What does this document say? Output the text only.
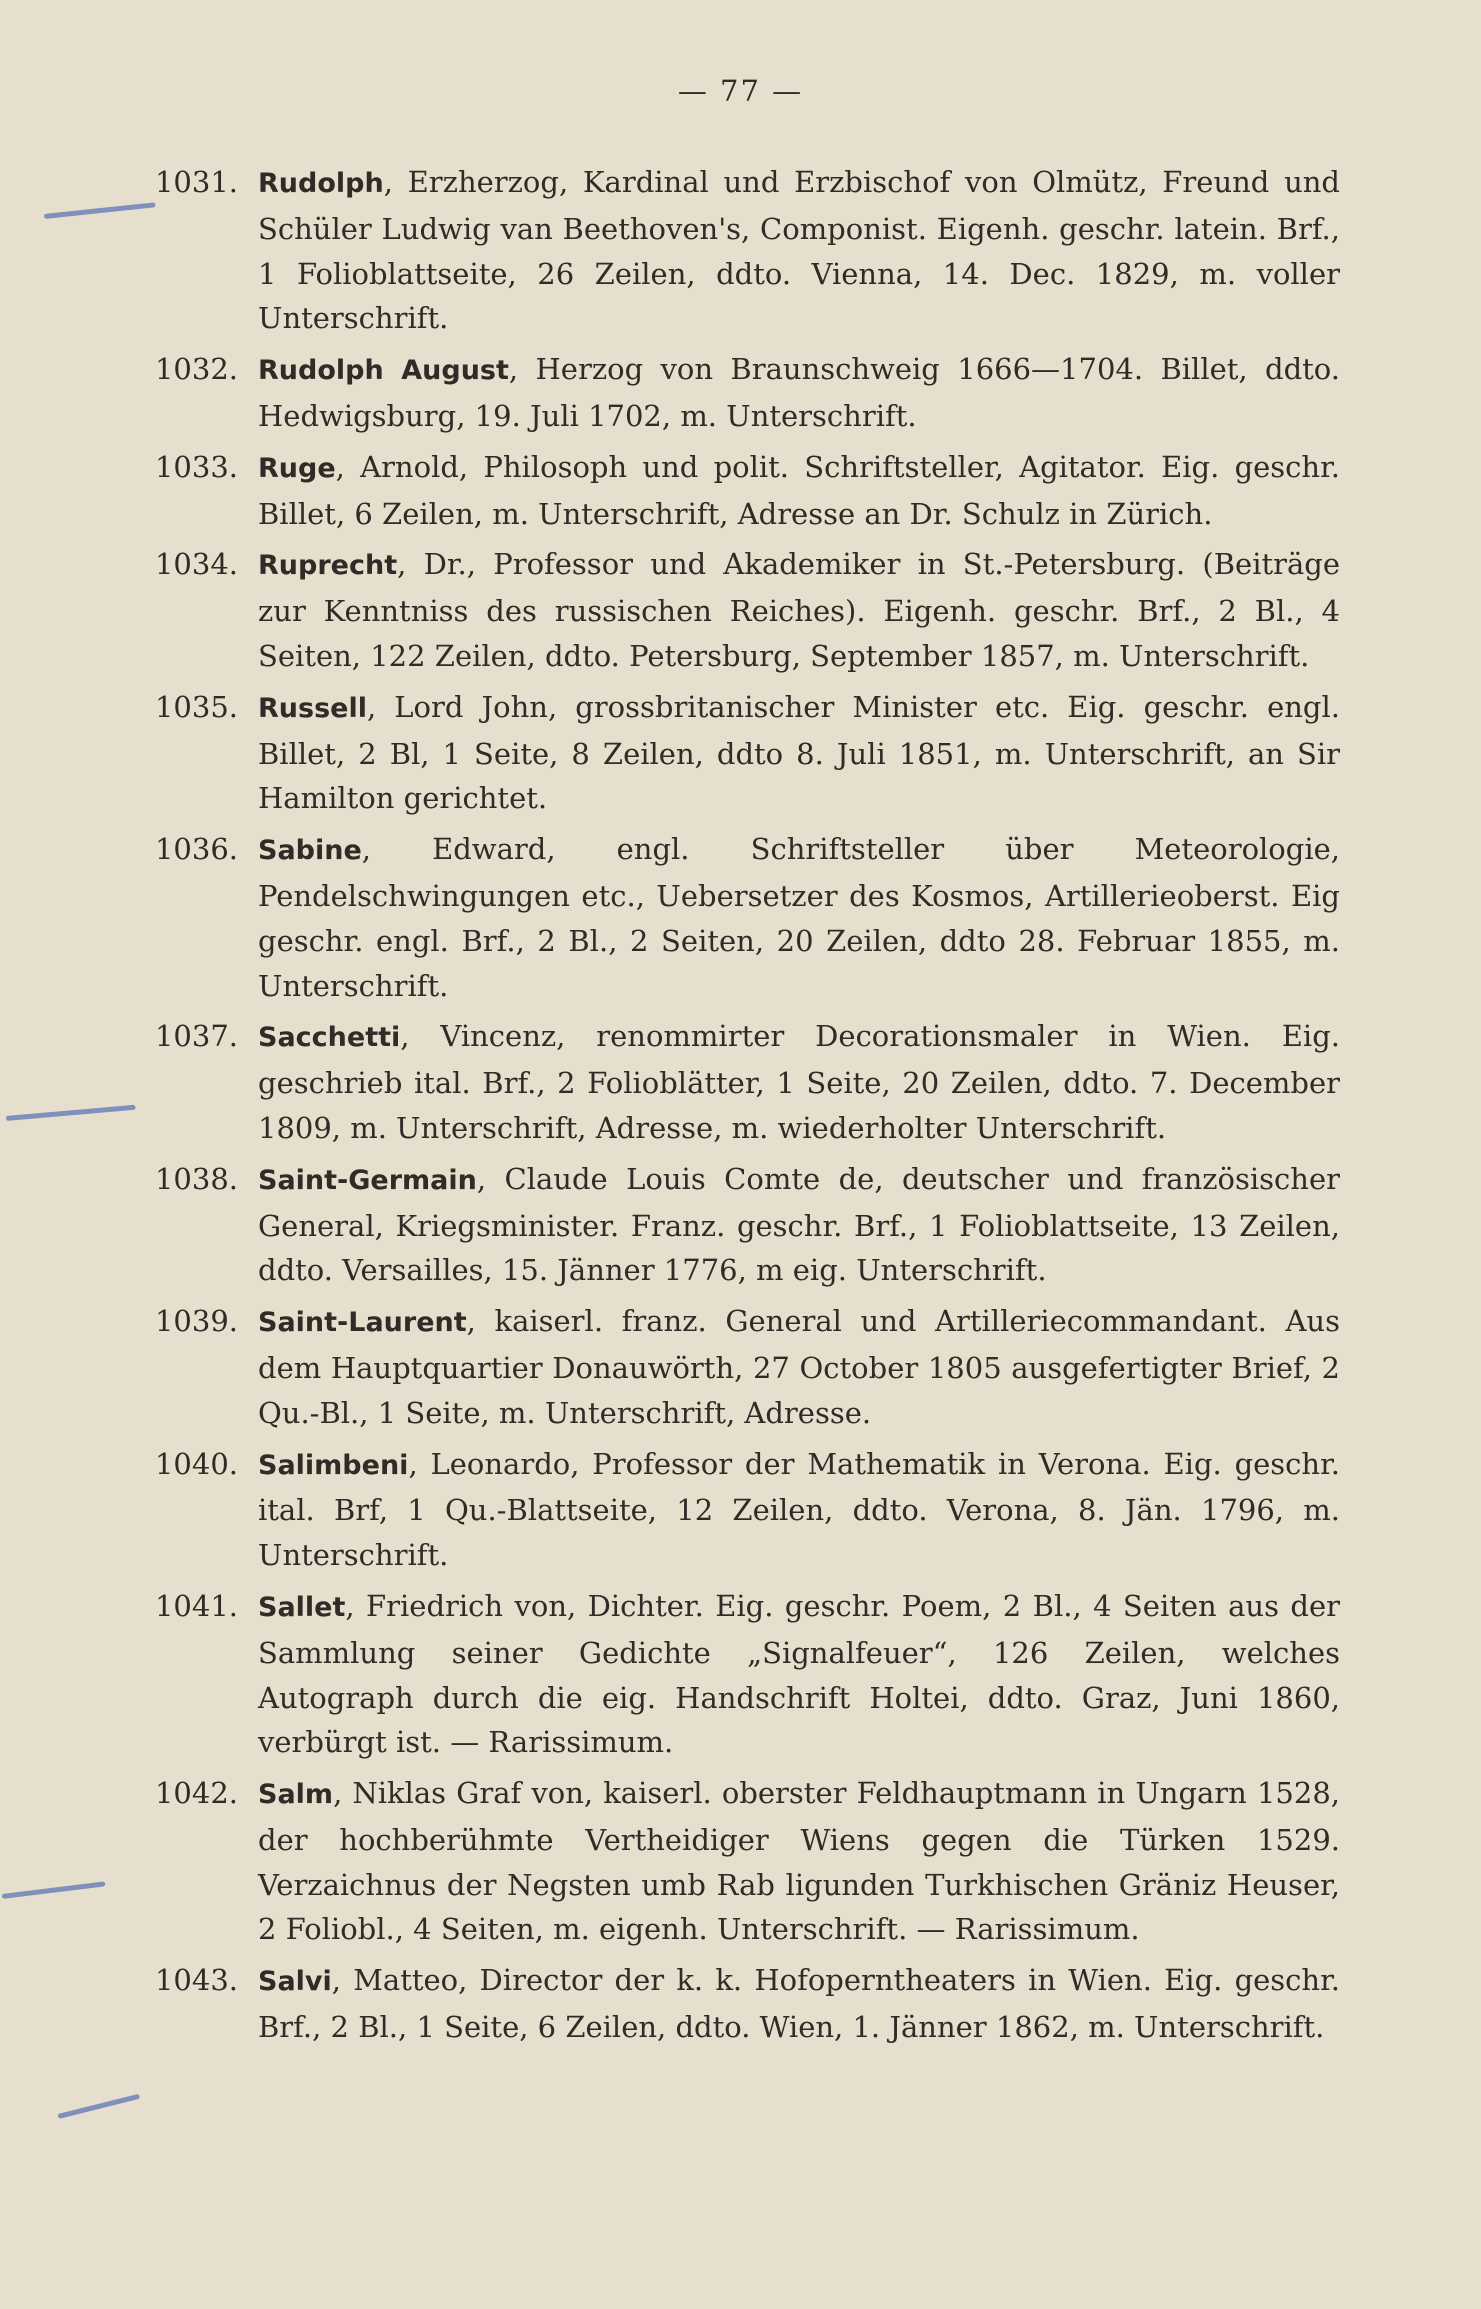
— 77 —
1031. Rudolph, Erzherzog, Kardinal und Erzbischof von Olmütz, Freund und Schüler Ludwig van Beethoven's, Componist. Eigenh. geschr. latein. Brf., 1 Folioblattseite, 26 Zeilen, ddto. Vienna, 14. Dec. 1829, m. voller Unterschrift.
1032. Rudolph August, Herzog von Braunschweig 1666—1704. Billet, ddto. Hedwigsburg, 19. Juli 1702, m. Unterschrift.
1033. Ruge, Arnold, Philosoph und polit. Schriftsteller, Agitator. Eig. geschr. Billet, 6 Zeilen, m. Unterschrift, Adresse an Dr. Schulz in Zürich.
1034. Ruprecht, Dr., Professor und Akademiker in St.-Petersburg. (Beiträge zur Kenntniss des russischen Reiches). Eigenh. geschr. Brf., 2 Bl., 4 Seiten, 122 Zeilen, ddto. Petersburg, September 1857, m. Unterschrift.
1035. Russell, Lord John, grossbritanischer Minister etc. Eig. geschr. engl. Billet, 2 Bl, 1 Seite, 8 Zeilen, ddto 8. Juli 1851, m. Unterschrift, an Sir Hamilton gerichtet.
1036. Sabine, Edward, engl. Schriftsteller über Meteorologie, Pendelschwingungen etc., Uebersetzer des Kosmos, Artillerieoberst. Eig geschr. engl. Brf., 2 Bl., 2 Seiten, 20 Zeilen, ddto 28. Februar 1855, m. Unterschrift.
1037. Sacchetti, Vincenz, renommirter Decorationsmaler in Wien. Eig. geschrieb ital. Brf., 2 Folioblätter, 1 Seite, 20 Zeilen, ddto. 7. December 1809, m. Unterschrift, Adresse, m. wiederholter Unterschrift.
1038. Saint-Germain, Claude Louis Comte de, deutscher und französischer General, Kriegsminister. Franz. geschr. Brf., 1 Folioblattseite, 13 Zeilen, ddto. Versailles, 15. Jänner 1776, m eig. Unterschrift.
1039. Saint-Laurent, kaiserl. franz. General und Artilleriecommandant. Aus dem Hauptquartier Donauwörth, 27 October 1805 ausgefertigter Brief, 2 Qu.-Bl., 1 Seite, m. Unterschrift, Adresse.
1040. Salimbeni, Leonardo, Professor der Mathematik in Verona. Eig. geschr. ital. Brf, 1 Qu.-Blattseite, 12 Zeilen, ddto. Verona, 8. Jän. 1796, m. Unterschrift.
1041. Sallet, Friedrich von, Dichter. Eig. geschr. Poem, 2 Bl., 4 Seiten aus der Sammlung seiner Gedichte „Signalfeuer“, 126 Zeilen, welches Autograph durch die eig. Handschrift Holtei, ddto. Graz, Juni 1860, verbürgt ist. — Rarissimum.
1042. Salm, Niklas Graf von, kaiserl. oberster Feldhauptmann in Ungarn 1528, der hochberühmte Vertheidiger Wiens gegen die Türken 1529. Verzaichnus der Negsten umb Rab ligunden Turkhischen Gräniz Heuser, 2 Foliobl., 4 Seiten, m. eigenh. Unterschrift. — Rarissimum.
1043. Salvi, Matteo, Director der k. k. Hofoperntheaters in Wien. Eig. geschr. Brf., 2 Bl., 1 Seite, 6 Zeilen, ddto. Wien, 1. Jänner 1862, m. Unterschrift.
